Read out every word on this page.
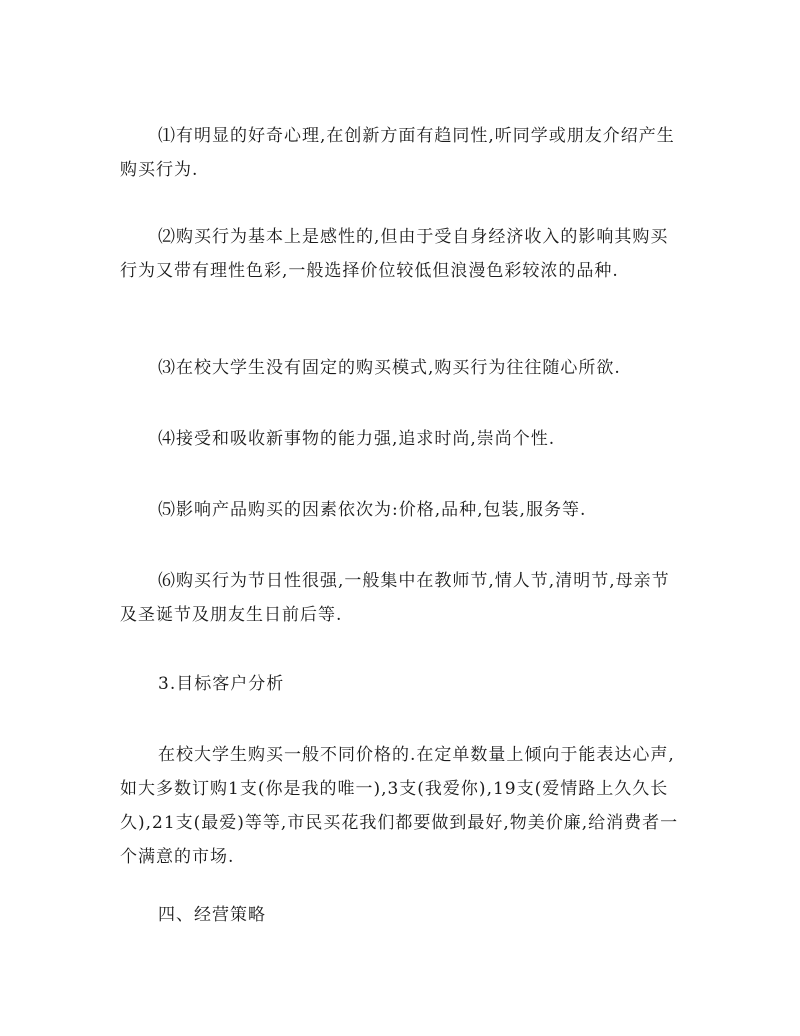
⑴有明显的好奇心理,在创新方面有趋同性,听同学或朋友介绍产生购买行为.

⑵购买行为基本上是感性的,但由于受自身经济收入的影响其购买行为又带有理性色彩,一般选择价位较低但浪漫色彩较浓的品种.

⑶在校大学生没有固定的购买模式,购买行为往往随心所欲.

⑷接受和吸收新事物的能力强,追求时尚,崇尚个性.

⑸影响产品购买的因素依次为:价格,品种,包装,服务等.

⑹购买行为节日性很强,一般集中在教师节,情人节,清明节,母亲节及圣诞节及朋友生日前后等.

3.目标客户分析

在校大学生购买一般不同价格的.在定单数量上倾向于能表达心声,如大多数订购1支(你是我的唯一),3支(我爱你),19支(爱情路上久久长久),21支(最爱)等等,市民买花我们都要做到最好,物美价廉,给消费者一个满意的市场.

四、经营策略
